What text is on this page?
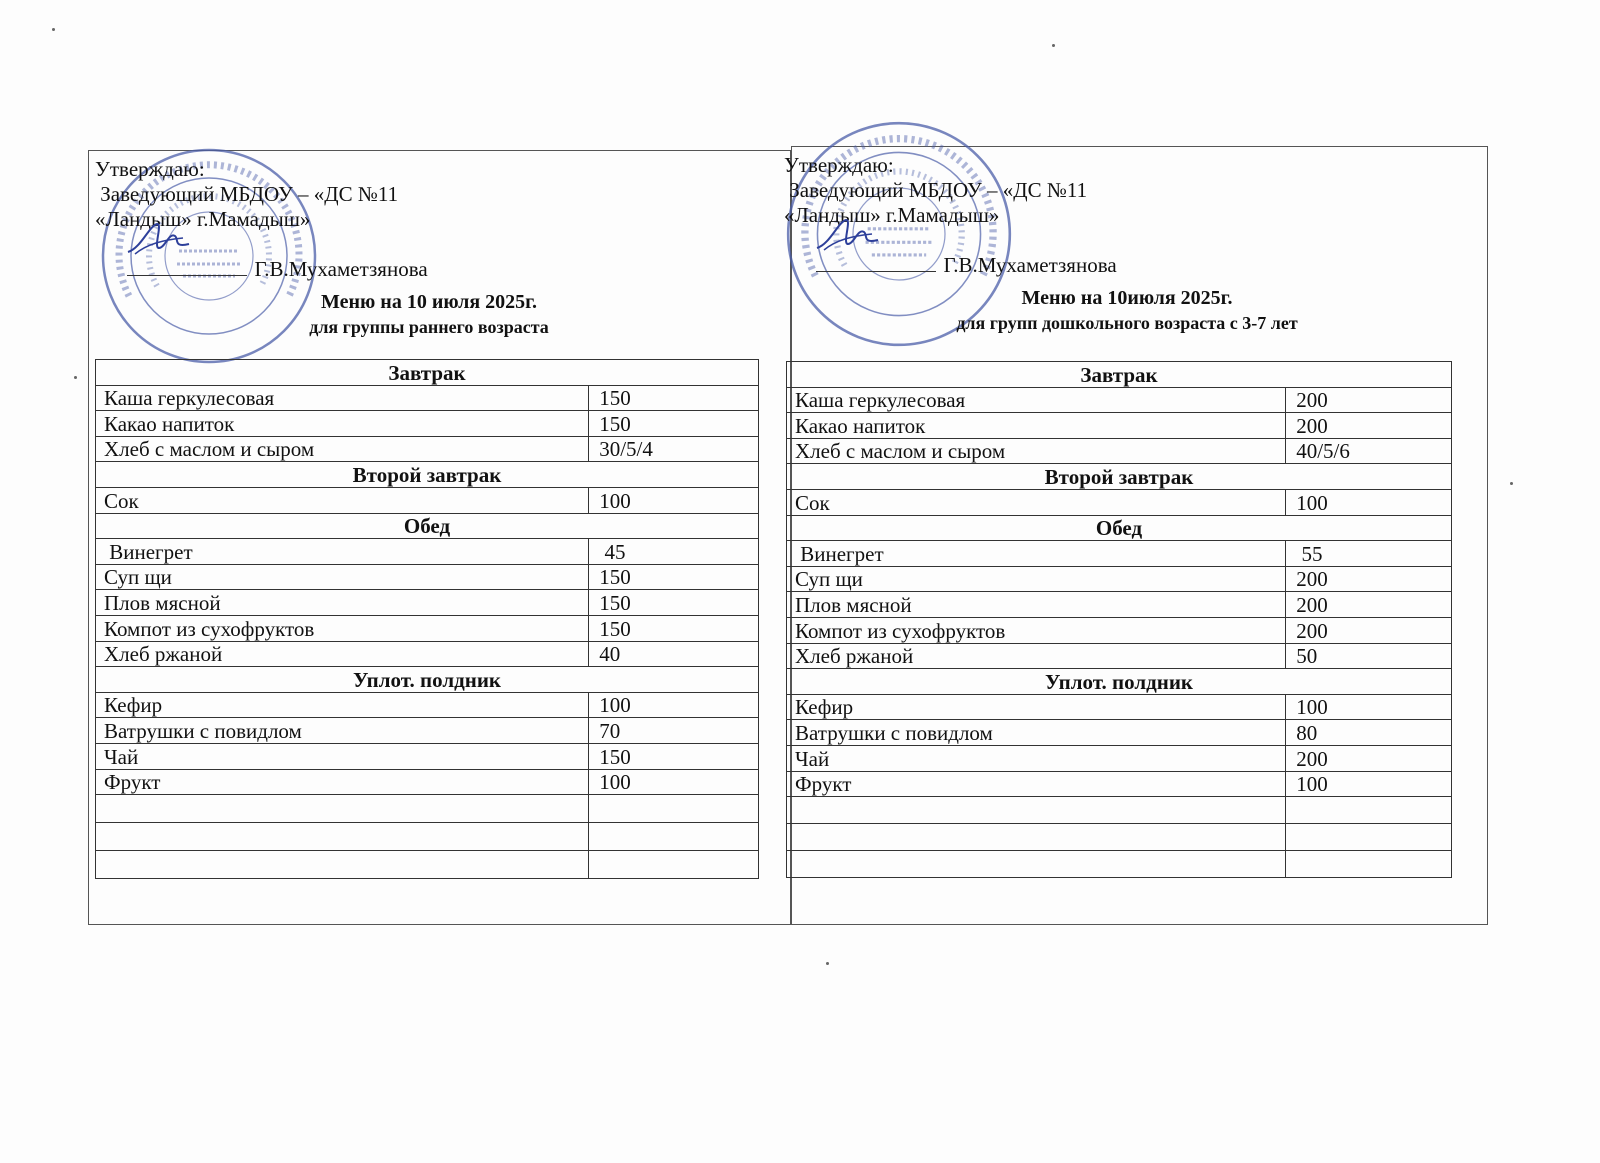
Утверждаю:
Заведующий МБДОУ – «ДС №11
«Ландыш» г.Мамадыш»

Г.В.Мухаметзянова

Меню на 10 июля 2025г.
для группы раннего возраста
Завтрак	
Каша геркулесовая	150
Какао напиток	150
Хлеб с маслом и сыром	30/5/4
Второй завтрак	
Сок	100
Обед	
Винегрет	45
Суп щи	150
Плов мясной	150
Компот из сухофруктов	150
Хлеб ржаной	40
Уплот. полдник	
Кефир	100
Ватрушки с повидлом	70
Чай	150
Фрукт	100

Утверждаю:
Заведующий МБДОУ – «ДС №11
«Ландыш» г.Мамадыш»

Г.В.Мухаметзянова

Меню на 10июля 2025г.
для групп дошкольного возраста с 3-7 лет
Завтрак	
Каша геркулесовая	200
Какао напиток	200
Хлеб с маслом и сыром	40/5/6
Второй завтрак	
Сок	100
Обед	
Винегрет	55
Суп щи	200
Плов мясной	200
Компот из сухофруктов	200
Хлеб ржаной	50
Уплот. полдник	
Кефир	100
Ватрушки с повидлом	80
Чай	200
Фрукт	100
